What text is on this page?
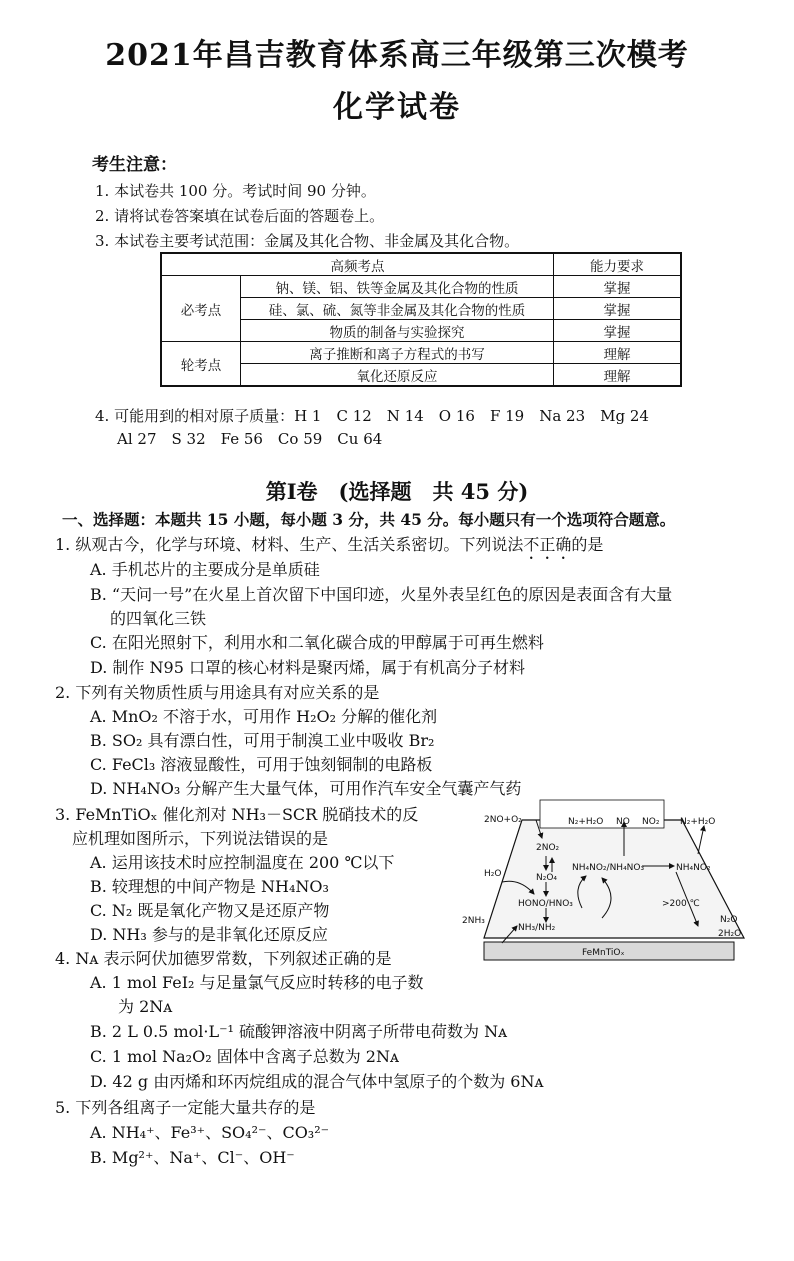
2021年昌吉教育体系高三年级第三次模考
化学试卷
考生注意：
1. 本试卷共 100 分。考试时间 90 分钟。
2. 请将试卷答案填在试卷后面的答题卷上。
3. 本试卷主要考试范围：金属及其化合物、非金属及其化合物。
高频考点		能力要求
必考点	钠、镁、铝、铁等金属及其化合物的性质	掌握
	硅、氯、硫、氮等非金属及其化合物的性质	掌握
	物质的制备与实验探究	掌握
轮考点	离子推断和离子方程式的书写	理解
	氧化还原反应	理解
4. 可能用到的相对原子质量：H 1　C 12　N 14　O 16　F 19　Na 23　Mg 24
Al 27　S 32　Fe 56　Co 59　Cu 64
第Ⅰ卷　(选择题　共 45 分)
一、选择题：本题共 15 小题，每小题 3 分，共 45 分。每小题只有一个选项符合题意。
1. 纵观古今，化学与环境、材料、生产、生活关系密切。下列说法不正确的是
A. 手机芯片的主要成分是单质硅
B. “天问一号”在火星上首次留下中国印迹，火星外表呈红色的原因是表面含有大量
的四氧化三铁
C. 在阳光照射下，利用水和二氧化碳合成的甲醇属于可再生燃料
D. 制作 N95 口罩的核心材料是聚丙烯，属于有机高分子材料
2. 下列有关物质性质与用途具有对应关系的是
A. MnO₂ 不溶于水，可用作 H₂O₂ 分解的催化剂
B. SO₂ 具有漂白性，可用于制溴工业中吸收 Br₂
C. FeCl₃ 溶液显酸性，可用于蚀刻铜制的电路板
D. NH₄NO₃ 分解产生大量气体，可用作汽车安全气囊产气药
3. FeMnTiOₓ 催化剂对 NH₃－SCR 脱硝技术的反
应机理如图所示，下列说法错误的是
A. 运用该技术时应控制温度在 200 ℃以下
B. 较理想的中间产物是 NH₄NO₃
C. N₂ 既是氧化产物又是还原产物
D. NH₃ 参与的是非氧化还原反应
2NO+O₂	N₂+H₂O NO NO₂ N₂+H₂O
2NO₂
H₂O	N₂O₄
NH₄NO₂/NH₄NO₃	NH₄NO₂
HONO/HNO₃	>200 ℃
2NH₃
NH₃/NH₂
N₂O
2H₂O
FeMnTiOₓ
4. Nᴀ 表示阿伏加德罗常数，下列叙述正确的是
A. 1 mol FeI₂ 与足量氯气反应时转移的电子数
为 2Nᴀ
B. 2 L 0.5 mol·L⁻¹ 硫酸钾溶液中阴离子所带电荷数为 Nᴀ
C. 1 mol Na₂O₂ 固体中含离子总数为 2Nᴀ
D. 42 g 由丙烯和环丙烷组成的混合气体中氢原子的个数为 6Nᴀ
5. 下列各组离子一定能大量共存的是
A. NH₄⁺、Fe³⁺、SO₄²⁻、CO₃²⁻
B. Mg²⁺、Na⁺、Cl⁻、OH⁻
